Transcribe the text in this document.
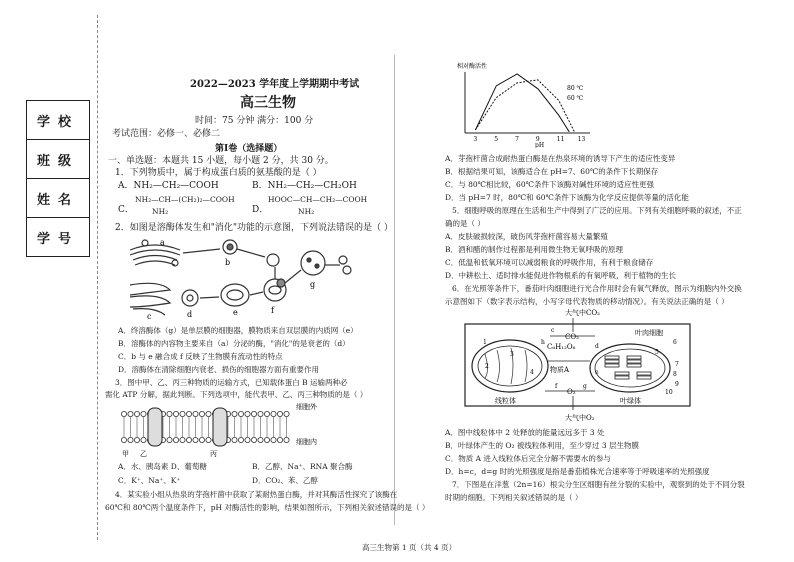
学校
班级
姓名
学号
2022—2023 学年度上学期期中考试
高三生物
时间：75 分钟 满分：100 分
考试范围：必修一、必修二
第Ⅰ卷（选择题）
一、单选题：本题共 15 小题，每小题 2 分，共 30 分。
1．下列物质中，属于构成蛋白质的氨基酸的是（ ）
A．NH₂—CH₂—COOH	B．NH₂—CH₂—CH₂OH
C．
NH₂—CH—(CH₂)₂—COOH
NH₂	D．
HOOC—CH—CH₂—COOH
NH₂
2．如图是溶酶体发生和"消化"功能的示意图，下列说法错误的是（ ）
a
b
c	d	e	f
g
A．终溶酶体（g）是单层膜的细胞器，膜物质来自双层膜的内质网（e）
B．溶酶体的内容物主要来自（a）分泌的酶，"消化"的是衰老的（d）
C．b 与 e 融合成 f 反映了生物膜有流动性的特点
D．溶酶体在清除细胞内衰老、损伤的细胞器方面有重要作用
3．图中甲、乙、丙三种物质的运输方式，已知载体蛋白 B 运输两种必
需化 ATP 分解，据此判断。下列选项中，能代表甲、乙、丙三种物质的是（ ）
细胞外
细胞内
甲 乙	丙
A．水、胰岛素 D、葡萄糖	B．乙醇、Na⁺、RNA 聚合酶
C．K⁺、Na⁺、K⁺	D．CO₂、苯、乙醇
4．某实验小组从热泉的芽孢杆菌中获取了某耐热蛋白酶，并对其酶活性探究了该酶在
60℃和 80℃两个温度条件下，pH 对酶活性的影响，结果如图所示，下列相关叙述错误的是（ ）
高三生物第 1 页（共 4 页）
相对酶活性
3	5	7	9	11 13
80 ℃
60 ℃
pH
A．芽孢杆菌合成耐热蛋白酶是在热泉环境的诱导下产生的适应性变异
B．根据结果可知，该酶适合在 pH=7、60℃的条件下长期保存
C．与 80℃相比较，60℃条件下该酶对碱性环境的适应性更强
D．当 pH=7 时，80℃和 60℃条件下该酶为化学反应提供等量的活化能
5．细胞呼吸的原理在生活和生产中得到了广泛的应用。下列有关细胞呼吸的叙述，不正
确的是（ ）
A．皮肤破损较深，破伤风芽孢杆菌容易大量繁殖
B．酒和醋的制作过程都是利用微生物无氧呼吸的原理
C．低温和低氧环境可以减弱粮食的呼吸作用，有利于粮食储存
D．中耕松土、适时排水能促进作物根系的有氧呼吸，利于植物的生长
6．在光照等条件下，番茄叶肉细胞进行光合作用时会有氧气释放，图示为细胞内外交换
示意图如下（数字表示结构，小写字母代表物质的移动情况）。有关说法正确的是（ ）
大气中CO₂
大气中O₂
叶肉细胞
线粒体	叶绿体
C₆H₁₂O₆
CO₂
物质A
O₂
1
2
3
4
5
6
7
8
9
10
h
c
d
e
f	g
A．图中线粒体中 2 处释放的能量远远多于 3 处
B．叶绿体产生的 O₂ 被线粒体利用，至少穿过 3 层生物膜
C．物质 A 进入线粒体后完全分解不需要水的参与
D．h=c，d=g 时的光照强度是指是番茄植株光合速率等于呼吸速率的光照强度
7．下图是在洋葱（2n=16）根尖分生区细胞有丝分裂的实验中，观察到的处于不同分裂
时期的细胞。下列相关叙述错误的是（ ）
